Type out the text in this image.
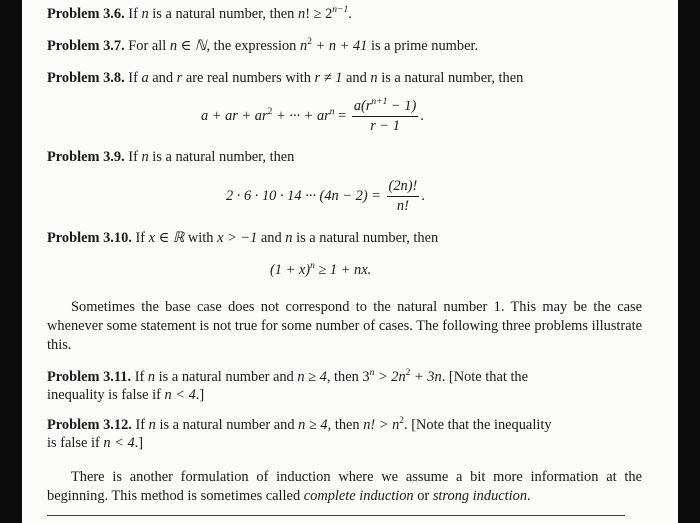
Problem 3.6. If n is a natural number, then n! ≥ $2^{n-1}$.
Problem 3.7. For all n ∈ ℕ, the expression $n^2 + n + 41$ is a prime number.
Problem 3.8. If a and r are real numbers with r ≠ 1 and n is a natural number, then
a + ar + $ar^2$ + ··· + $ar^n = \frac{a(r^{n+1} - 1)}{r - 1}$ .
Problem 3.9. If n is a natural number, then
2 · 6 · 10 · 14 ··· $(4n - 2) = \frac{(2n)!}{n!}$ .
Problem 3.10. If x ∈ ℝ with x > −1 and n is a natural number, then
$(1 + x)^n \ge 1$ + nx.
Sometimes the base case does not correspond to the natural number 1. This may be the case whenever some statement is not true for some number of cases. The following three problems illustrate this.
Problem 3.11. If n is a natural number and n ≥ 4, then $3^n > 2n^2 + 3n$. [Note that the
inequality is false if n < 4.]
Problem 3.12. If n is a natural number and n ≥ 4, then n! > $n^2$. [Note that the inequality
is false if n < 4.]
There is another formulation of induction where we assume a bit more information at the beginning. This method is sometimes called complete induction or strong induction.
